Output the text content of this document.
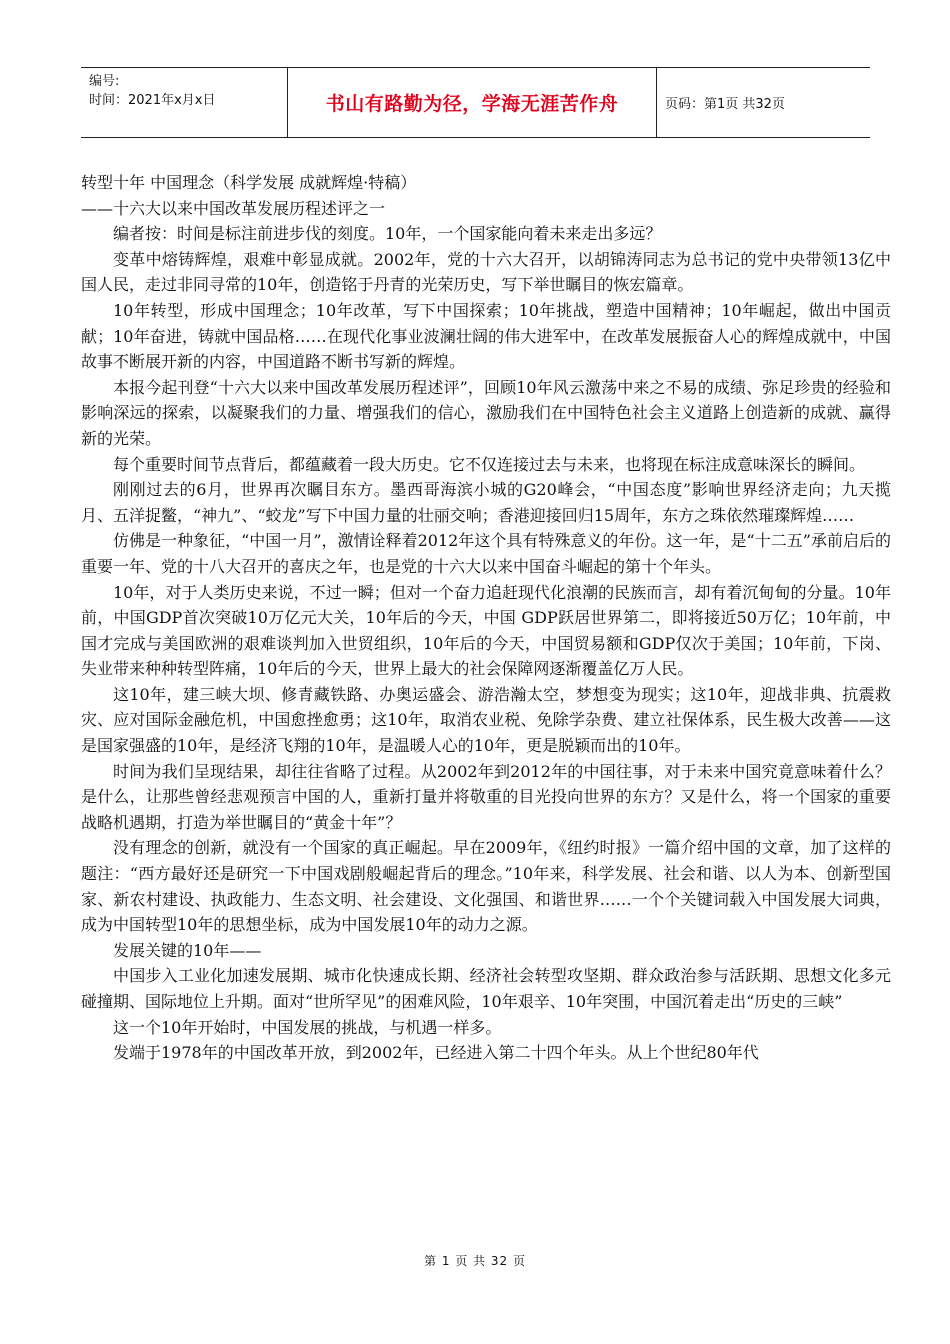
编号:
时间：2021年x月x日	书山有路勤为径，学海无涯苦作舟	页码：第1页 共32页

转型十年 中国理念（科学发展 成就辉煌·特稿）

——十六大以来中国改革发展历程述评之一

编者按：时间是标注前进步伐的刻度。10年，一个国家能向着未来走出多远？

变革中熔铸辉煌，艰难中彰显成就。2002年，党的十六大召开，以胡锦涛同志为总书记的党中央带领13亿中国人民，走过非同寻常的10年，创造铭于丹青的光荣历史，写下举世瞩目的恢宏篇章。

10年转型，形成中国理念；10年改革，写下中国探索；10年挑战，塑造中国精神；10年崛起，做出中国贡献；10年奋进，铸就中国品格……在现代化事业波澜壮阔的伟大进军中，在改革发展振奋人心的辉煌成就中，中国故事不断展开新的内容，中国道路不断书写新的辉煌。

本报今起刊登“十六大以来中国改革发展历程述评”，回顾10年风云激荡中来之不易的成绩、弥足珍贵的经验和影响深远的探索，以凝聚我们的力量、增强我们的信心，激励我们在中国特色社会主义道路上创造新的成就、赢得新的光荣。

每个重要时间节点背后，都蕴藏着一段大历史。它不仅连接过去与未来，也将现在标注成意味深长的瞬间。

刚刚过去的6月，世界再次瞩目东方。墨西哥海滨小城的G20峰会，“中国态度”影响世界经济走向；九天揽月、五洋捉鳖，“神九”、“蛟龙”写下中国力量的壮丽交响；香港迎接回归15周年，东方之珠依然璀璨辉煌……

仿佛是一种象征，“中国一月”，激情诠释着2012年这个具有特殊意义的年份。这一年，是“十二五”承前启后的重要一年、党的十八大召开的喜庆之年，也是党的十六大以来中国奋斗崛起的第十个年头。

10年，对于人类历史来说，不过一瞬；但对一个奋力追赶现代化浪潮的民族而言，却有着沉甸甸的分量。10年前，中国GDP首次突破10万亿元大关，10年后的今天，中国 GDP跃居世界第二，即将接近50万亿；10年前，中国才完成与美国欧洲的艰难谈判加入世贸组织，10年后的今天，中国贸易额和GDP仅次于美国；10年前，下岗、失业带来种种转型阵痛，10年后的今天，世界上最大的社会保障网逐渐覆盖亿万人民。

这10年，建三峡大坝、修青藏铁路、办奥运盛会、游浩瀚太空，梦想变为现实；这10年，迎战非典、抗震救灾、应对国际金融危机，中国愈挫愈勇；这10年，取消农业税、免除学杂费、建立社保体系，民生极大改善——这是国家强盛的10年，是经济飞翔的10年，是温暖人心的10年，更是脱颖而出的10年。

时间为我们呈现结果，却往往省略了过程。从2002年到2012年的中国往事，对于未来中国究竟意味着什么？是什么，让那些曾经悲观预言中国的人，重新打量并将敬重的目光投向世界的东方？又是什么，将一个国家的重要战略机遇期，打造为举世瞩目的“黄金十年”？

没有理念的创新，就没有一个国家的真正崛起。早在2009年，《纽约时报》一篇介绍中国的文章，加了这样的题注：“西方最好还是研究一下中国戏剧般崛起背后的理念。”10年来，科学发展、社会和谐、以人为本、创新型国家、新农村建设、执政能力、生态文明、社会建设、文化强国、和谐世界……一个个关键词载入中国发展大词典，成为中国转型10年的思想坐标，成为中国发展10年的动力之源。

发展关键的10年——

中国步入工业化加速发展期、城市化快速成长期、经济社会转型攻坚期、群众政治参与活跃期、思想文化多元碰撞期、国际地位上升期。面对“世所罕见”的困难风险，10年艰辛、10年突围，中国沉着走出“历史的三峡”

这一个10年开始时，中国发展的挑战，与机遇一样多。

发端于1978年的中国改革开放，到2002年，已经进入第二十四个年头。从上个世纪80年代

第 1 页 共 32 页
